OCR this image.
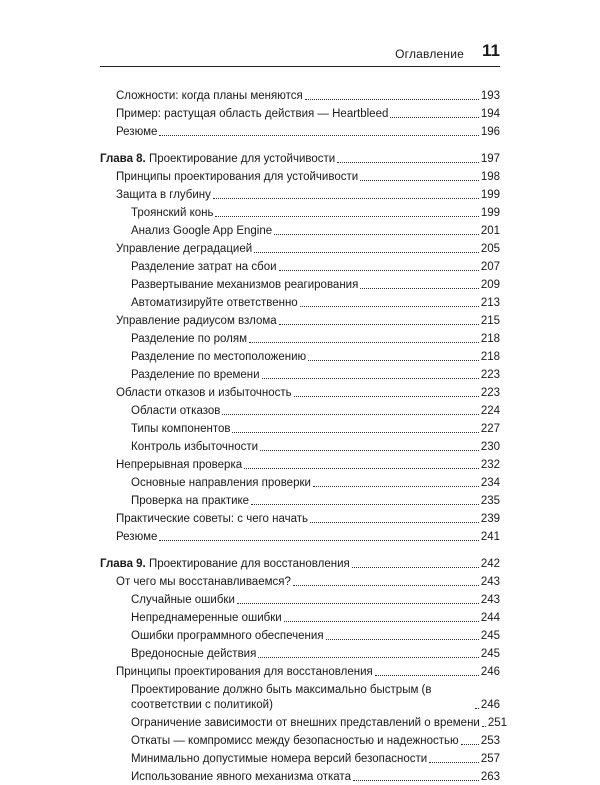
Оглавление 11
Сложности: когда планы меняются	193
Пример: растущая область действия — Heartbleed	194
Резюме	196
Глава 8. Проектирование для устойчивости	197
Принципы проектирования для устойчивости	198
Защита в глубину	199
Троянский конь	199
Анализ Google App Engine	201
Управление деградацией	205
Разделение затрат на сбои	207
Развертывание механизмов реагирования	209
Автоматизируйте ответственно	213
Управление радиусом взлома	215
Разделение по ролям	218
Разделение по местоположению	218
Разделение по времени	223
Области отказов и избыточность	223
Области отказов	224
Типы компонентов	227
Контроль избыточности	230
Непрерывная проверка	232
Основные направления проверки	234
Проверка на практике	235
Практические советы: с чего начать	239
Резюме	241
Глава 9. Проектирование для восстановления	242
От чего мы восстанавливаемся?	243
Случайные ошибки	243
Непреднамеренные ошибки	244
Ошибки программного обеспечения	245
Вредоносные действия	245
Принципы проектирования для восстановления	246
Проектирование должно быть максимально быстрым (в соответствии с политикой)	246
Ограничение зависимости от внешних представлений о времени 251
Откаты — компромисс между безопасностью и надежностью 253
Минимально допустимые номера версий безопасности	257
Использование явного механизма отката	263
